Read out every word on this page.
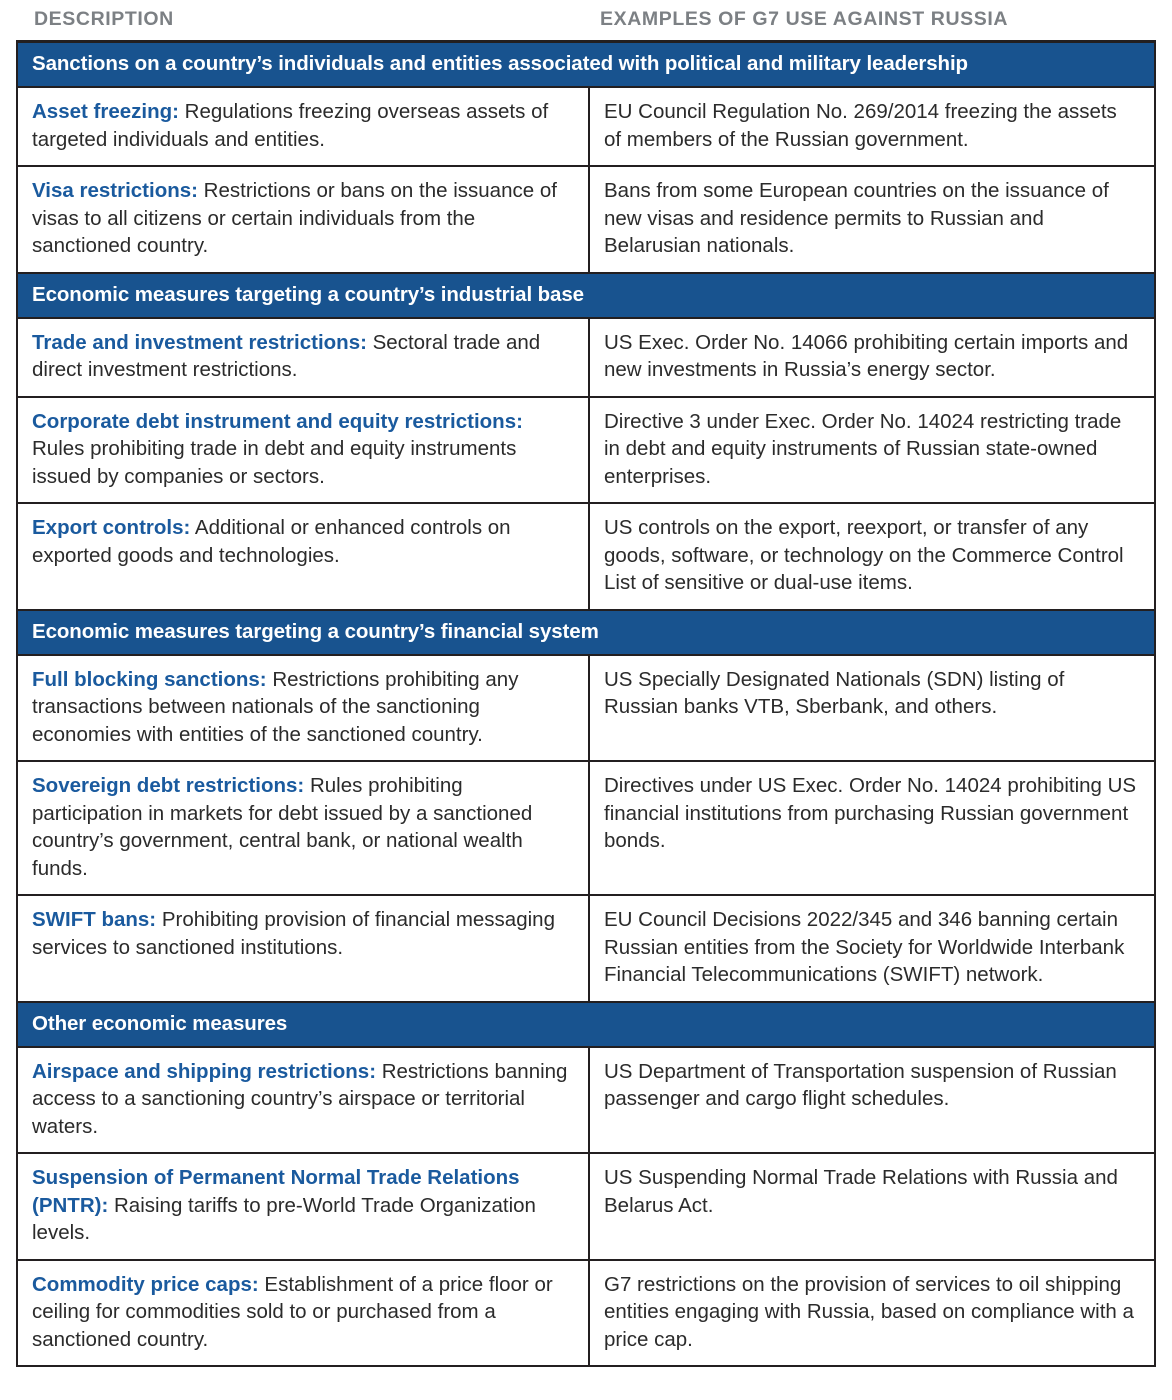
DESCRIPTION	EXAMPLES OF G7 USE AGAINST RUSSIA
Sanctions on a country’s individuals and entities associated with political and military leadership
Asset freezing: Regulations freezing overseas assets of targeted individuals and entities.
EU Council Regulation No. 269/2014 freezing the assets of members of the Russian government.
Visa restrictions: Restrictions or bans on the issuance of visas to all citizens or certain individuals from the sanctioned country.
Bans from some European countries on the issuance of new visas and residence permits to Russian and Belarusian nationals.
Economic measures targeting a country’s industrial base
Trade and investment restrictions: Sectoral trade and direct investment restrictions.
US Exec. Order No. 14066 prohibiting certain imports and new investments in Russia’s energy sector.
Corporate debt instrument and equity restrictions: Rules prohibiting trade in debt and equity instruments issued by companies or sectors.
Directive 3 under Exec. Order No. 14024 restricting trade in debt and equity instruments of Russian state-owned enterprises.
Export controls: Additional or enhanced controls on exported goods and technologies.
US controls on the export, reexport, or transfer of any goods, software, or technology on the Commerce Control List of sensitive or dual-use items.
Economic measures targeting a country’s financial system
Full blocking sanctions: Restrictions prohibiting any transactions between nationals of the sanctioning economies with entities of the sanctioned country.
US Specially Designated Nationals (SDN) listing of Russian banks VTB, Sberbank, and others.
Sovereign debt restrictions: Rules prohibiting participation in markets for debt issued by a sanctioned country’s government, central bank, or national wealth funds.
Directives under US Exec. Order No. 14024 prohibiting US financial institutions from purchasing Russian government bonds.
SWIFT bans: Prohibiting provision of financial messaging services to sanctioned institutions.
EU Council Decisions 2022/345 and 346 banning certain Russian entities from the Society for Worldwide Interbank Financial Telecommunications (SWIFT) network.
Other economic measures
Airspace and shipping restrictions: Restrictions banning access to a sanctioning country’s airspace or territorial waters.
US Department of Transportation suspension of Russian passenger and cargo flight schedules.
Suspension of Permanent Normal Trade Relations (PNTR): Raising tariffs to pre-World Trade Organization levels.
US Suspending Normal Trade Relations with Russia and Belarus Act.
Commodity price caps: Establishment of a price floor or ceiling for commodities sold to or purchased from a sanctioned country.
G7 restrictions on the provision of services to oil shipping entities engaging with Russia, based on compliance with a price cap.
